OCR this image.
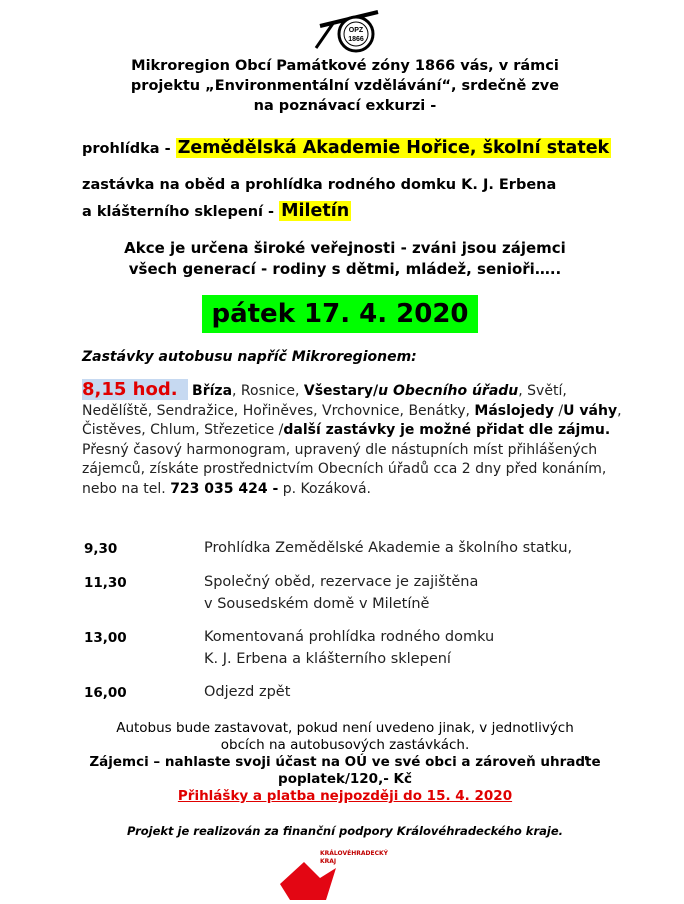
OPZ
1866
Mikroregion Obcí Památkové zóny 1866 vás, v rámci
projektu „Environmentální vzdělávání“, srdečně zve
na poznávací exkurzi -
prohlídka - Zemědělská Akademie Hořice, školní statek
zastávka na oběd a prohlídka rodného domku K. J. Erbena
a klášterního sklepení - Miletín
Akce je určena široké veřejnosti - zváni jsou zájemci
všech generací - rodiny s dětmi, mládež, senioři…..
pátek 17. 4. 2020
Zastávky autobusu napříč Mikroregionem:
8,15 hod. Bříza, Rosnice, Všestary/u Obecního úřadu, Světí, Nedělíště, Sendražice, Hořiněves, Vrchovnice, Benátky, Máslojedy /U váhy, Čistěves, Chlum, Střezetice /další zastávky je možné přidat dle zájmu.
Přesný časový harmonogram, upravený dle nástupních míst přihlášených zájemců, získáte prostřednictvím Obecních úřadů cca 2 dny před konáním, nebo na tel. 723 035 424 - p. Kozáková.
9,30	Prohlídka Zemědělské Akademie a školního statku,
11,30	Společný oběd, rezervace je zajištěna
v Sousedském domě v Miletíně
13,00	Komentovaná prohlídka rodného domku
K. J. Erbena a klášterního sklepení
16,00	Odjezd zpět
Autobus bude zastavovat, pokud není uvedeno jinak, v jednotlivých
obcích na autobusových zastávkách.
Zájemci – nahlaste svoji účast na OÚ ve své obci a zároveň uhraďte
poplatek/120,- Kč
Přihlášky a platba nejpozději do 15. 4. 2020
Projekt je realizován za finanční podpory Královéhradeckého kraje.
KRÁLOVÉHRADECKÝ
KRAJ
